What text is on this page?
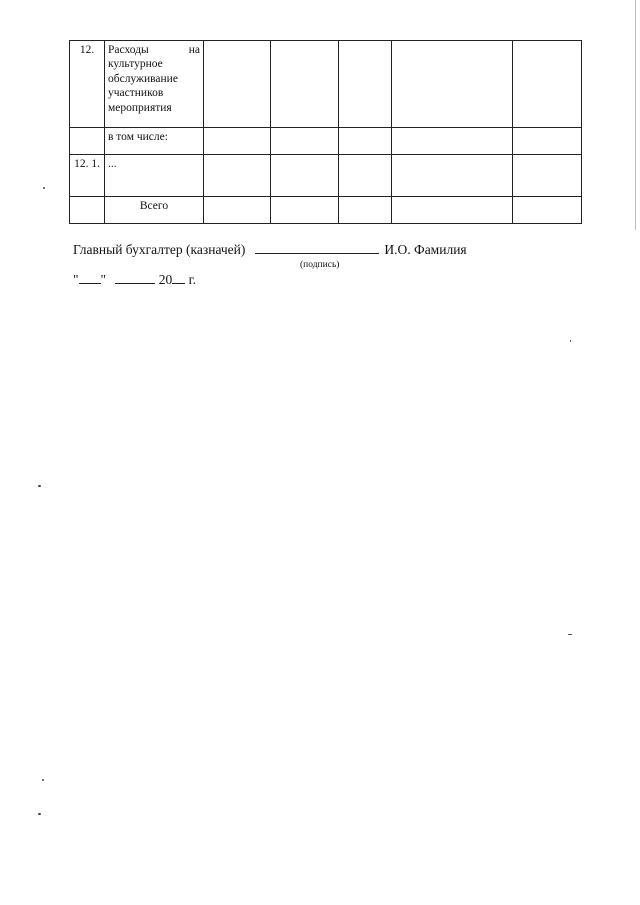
12.	Расходы на культурное обслуживание участников мероприятия					
	в том числе:					
12. 1.	...					
	Всего					
Главный бухгалтер (казначей)	И.О. Фамилия
(подпись)
" "	20 г.
